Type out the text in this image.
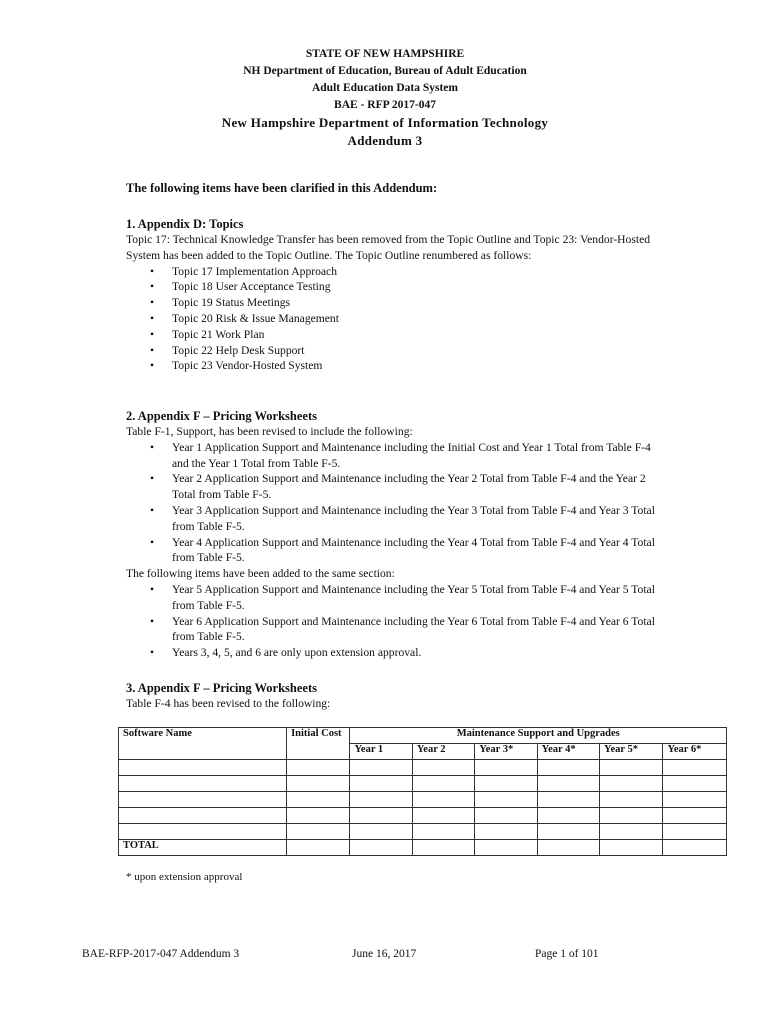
STATE OF NEW HAMPSHIRE
NH Department of Education, Bureau of Adult Education
Adult Education Data System
BAE - RFP 2017-047
New Hampshire Department of Information Technology
Addendum 3
The following items have been clarified in this Addendum:
1. Appendix D: Topics

Topic 17: Technical Knowledge Transfer has been removed from the Topic Outline and Topic 23: Vendor-Hosted System has been added to the Topic Outline. The Topic Outline renumbered as follows:

• Topic 17 Implementation Approach
• Topic 18 User Acceptance Testing
• Topic 19 Status Meetings
• Topic 20 Risk & Issue Management
• Topic 21 Work Plan
• Topic 22 Help Desk Support
• Topic 23 Vendor-Hosted System
2. Appendix F – Pricing Worksheets

Table F-1, Support, has been revised to include the following:

• Year 1 Application Support and Maintenance including the Initial Cost and Year 1 Total from Table F-4 and the Year 1 Total from Table F-5.
• Year 2 Application Support and Maintenance including the Year 2 Total from Table F-4 and the Year 2 Total from Table F-5.
• Year 3 Application Support and Maintenance including the Year 3 Total from Table F-4 and Year 3 Total from Table F-5.
• Year 4 Application Support and Maintenance including the Year 4 Total from Table F-4 and Year 4 Total from Table F-5.

The following items have been added to the same section:

• Year 5 Application Support and Maintenance including the Year 5 Total from Table F-4 and Year 5 Total from Table F-5.
• Year 6 Application Support and Maintenance including the Year 6 Total from Table F-4 and Year 6 Total from Table F-5.
• Years 3, 4, 5, and 6 are only upon extension approval.
3. Appendix F – Pricing Worksheets

Table F-4 has been revised to the following:

Software Name	Initial Cost	Maintenance Support and Upgrades					
		Year 1	Year 2	Year 3*	Year 4*	Year 5*	Year 6*

TOTAL							
* upon extension approval
BAE-RFP-2017-047 Addendum 3	June 16, 2017	Page 1 of 101
